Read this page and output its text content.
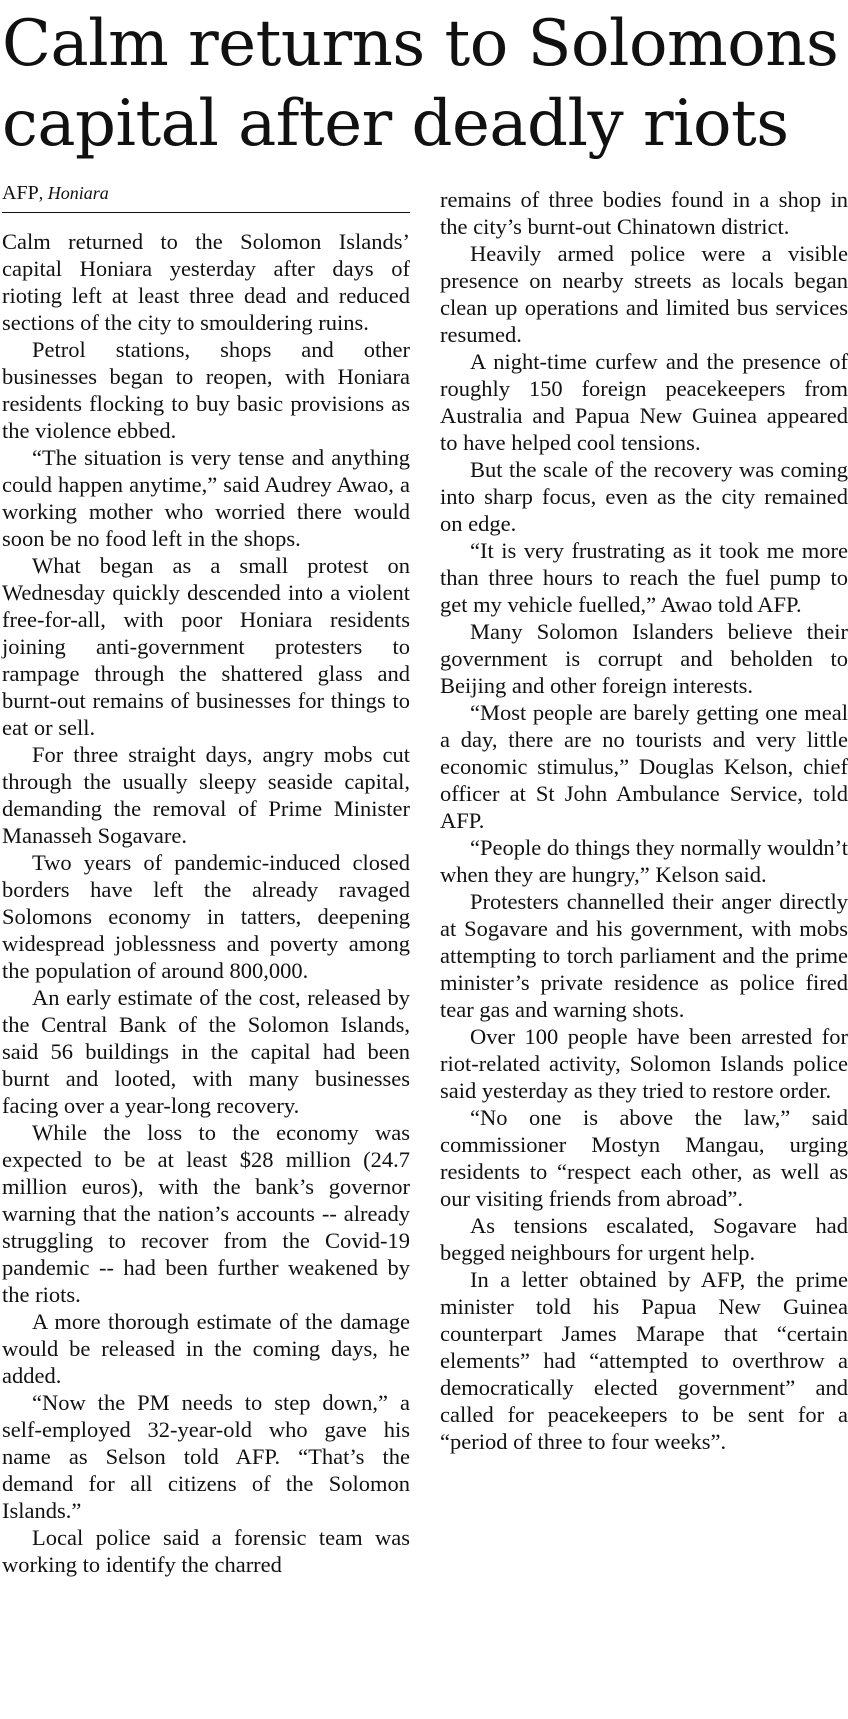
Calm returns to Solomons capital after deadly riots
AFP, Honiara

Calm returned to the Solomon Islands’ capital Honiara yesterday after days of rioting left at least three dead and reduced sections of the city to smouldering ruins.

Petrol stations, shops and other businesses began to reopen, with Honiara residents flocking to buy basic provisions as the violence ebbed.

“The situation is very tense and anything could happen anytime,” said Audrey Awao, a working mother who worried there would soon be no food left in the shops.

What began as a small protest on Wednesday quickly descended into a violent free-for-all, with poor Honiara residents joining anti-government protesters to rampage through the shattered glass and burnt-out remains of businesses for things to eat or sell.

For three straight days, angry mobs cut through the usually sleepy seaside capital, demanding the removal of Prime Minister Manasseh Sogavare.

Two years of pandemic-induced closed borders have left the already ravaged Solomons economy in tatters, deepening widespread joblessness and poverty among the population of around 800,000.

An early estimate of the cost, released by the Central Bank of the Solomon Islands, said 56 buildings in the capital had been burnt and looted, with many businesses facing over a year-long recovery.

While the loss to the economy was expected to be at least $28 million (24.7 million euros), with the bank’s governor warning that the nation’s accounts -- already struggling to recover from the Covid-19 pandemic -- had been further weakened by the riots.

A more thorough estimate of the damage would be released in the coming days, he added.

“Now the PM needs to step down,” a self-employed 32-year-old who gave his name as Selson told AFP. “That’s the demand for all citizens of the Solomon Islands.”

Local police said a forensic team was working to identify the charred

remains of three bodies found in a shop in the city’s burnt-out Chinatown district.

Heavily armed police were a visible presence on nearby streets as locals began clean up operations and limited bus services resumed.

A night-time curfew and the presence of roughly 150 foreign peacekeepers from Australia and Papua New Guinea appeared to have helped cool tensions.

But the scale of the recovery was coming into sharp focus, even as the city remained on edge.

“It is very frustrating as it took me more than three hours to reach the fuel pump to get my vehicle fuelled,” Awao told AFP.

Many Solomon Islanders believe their government is corrupt and beholden to Beijing and other foreign interests.

“Most people are barely getting one meal a day, there are no tourists and very little economic stimulus,” Douglas Kelson, chief officer at St John Ambulance Service, told AFP.

“People do things they normally wouldn’t when they are hungry,” Kelson said.

Protesters channelled their anger directly at Sogavare and his government, with mobs attempting to torch parliament and the prime minister’s private residence as police fired tear gas and warning shots.

Over 100 people have been arrested for riot-related activity, Solomon Islands police said yesterday as they tried to restore order.

“No one is above the law,” said commissioner Mostyn Mangau, urging residents to “respect each other, as well as our visiting friends from abroad”.

As tensions escalated, Sogavare had begged neighbours for urgent help.

In a letter obtained by AFP, the prime minister told his Papua New Guinea counterpart James Marape that “certain elements” had “attempted to overthrow a democratically elected government” and called for peacekeepers to be sent for a “period of three to four weeks”.
